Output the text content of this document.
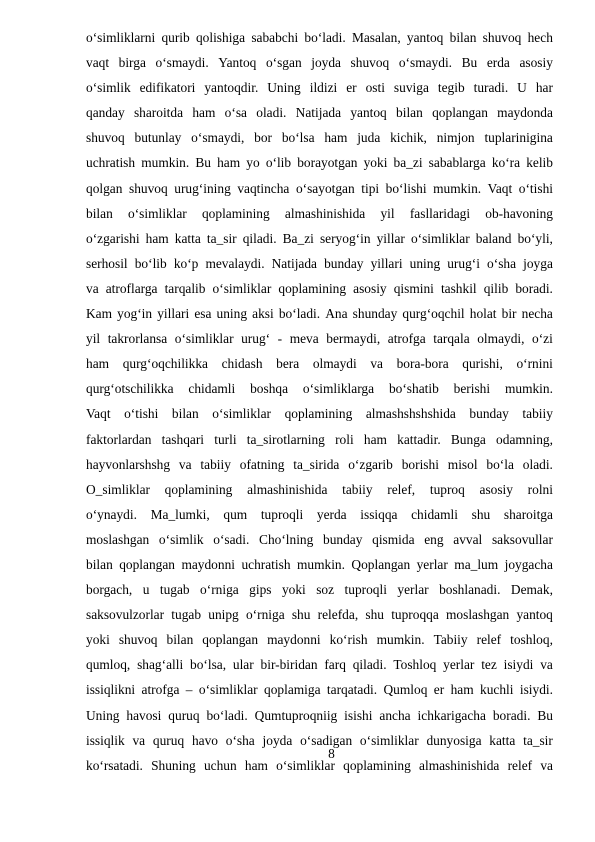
o‘simliklarni qurib qolishiga sababchi bo‘ladi. Masalan, yantoq bilan shuvoq hech
vaqt birga o‘smaydi. Yantoq o‘sgan joyda shuvoq o‘smaydi. Bu erda asosiy
o‘simlik edifikatori yantoqdir. Uning ildizi er osti suviga tegib turadi. U har
qanday sharoitda ham o‘sa oladi. Natijada yantoq bilan qoplangan maydonda
shuvoq butunlay o‘smaydi, bor bo‘lsa ham juda kichik, nimjon tuplarinigina
uchratish mumkin. Bu ham yo o‘lib borayotgan yoki ba_zi sabablarga ko‘ra kelib
qolgan shuvoq urug‘ining vaqtincha o‘sayotgan tipi bo‘lishi mumkin. Vaqt o‘tishi
bilan o‘simliklar qoplamining almashinishida yil fasllaridagi ob-havoning
o‘zgarishi ham katta ta_sir qiladi. Ba_zi seryog‘in yillar o‘simliklar baland bo‘yli,
serhosil bo‘lib ko‘p mevalaydi. Natijada bunday yillari uning urug‘i o‘sha joyga
va atroflarga tarqalib o‘simliklar qoplamining asosiy qismini tashkil qilib boradi.
Kam yog‘in yillari esa uning aksi bo‘ladi. Ana shunday qurg‘oqchil holat bir necha
yil takrorlansa o‘simliklar urug‘ - meva bermaydi, atrofga tarqala olmaydi, o‘zi
ham qurg‘oqchilikka chidash bera olmaydi va bora-bora qurishi, o‘rnini
qurg‘otschilikka chidamli boshqa o‘simliklarga bo‘shatib berishi mumkin.
Vaqt o‘tishi bilan o‘simliklar qoplamining almashshshshida bunday tabiiy
faktorlardan tashqari turli ta_sirotlarning roli ham kattadir. Bunga odamning,
hayvonlarshshg va tabiiy ofatning ta_sirida o‘zgarib borishi misol bo‘la oladi.
O_simliklar qoplamining almashinishida tabiiy relef, tuproq asosiy rolni
o‘ynaydi. Ma_lumki, qum tuproqli yerda issiqqa chidamli shu sharoitga
moslashgan o‘simlik o‘sadi. Cho‘lning bunday qismida eng avval saksovullar
bilan qoplangan maydonni uchratish mumkin. Qoplangan yerlar ma_lum joygacha
borgach, u tugab o‘rniga gips yoki soz tuproqli yerlar boshlanadi. Demak,
saksovulzorlar tugab unipg o‘rniga shu relefda, shu tuproqqa moslashgan yantoq
yoki shuvoq bilan qoplangan maydonni ko‘rish mumkin. Tabiiy relef toshloq,
qumloq, shag‘alli bo‘lsa, ular bir-biridan farq qiladi. Toshloq yerlar tez isiydi va
issiqlikni atrofga – o‘simliklar qoplamiga tarqatadi. Qumloq er ham kuchli isiydi.
Uning havosi quruq bo‘ladi. Qumtuproqniig isishi ancha ichkarigacha boradi. Bu
issiqlik va quruq havo o‘sha joyda o‘sadigan o‘simliklar dunyosiga katta ta_sir
ko‘rsatadi. Shuning uchun ham o‘simliklar qoplamining almashinishida relef va
8
